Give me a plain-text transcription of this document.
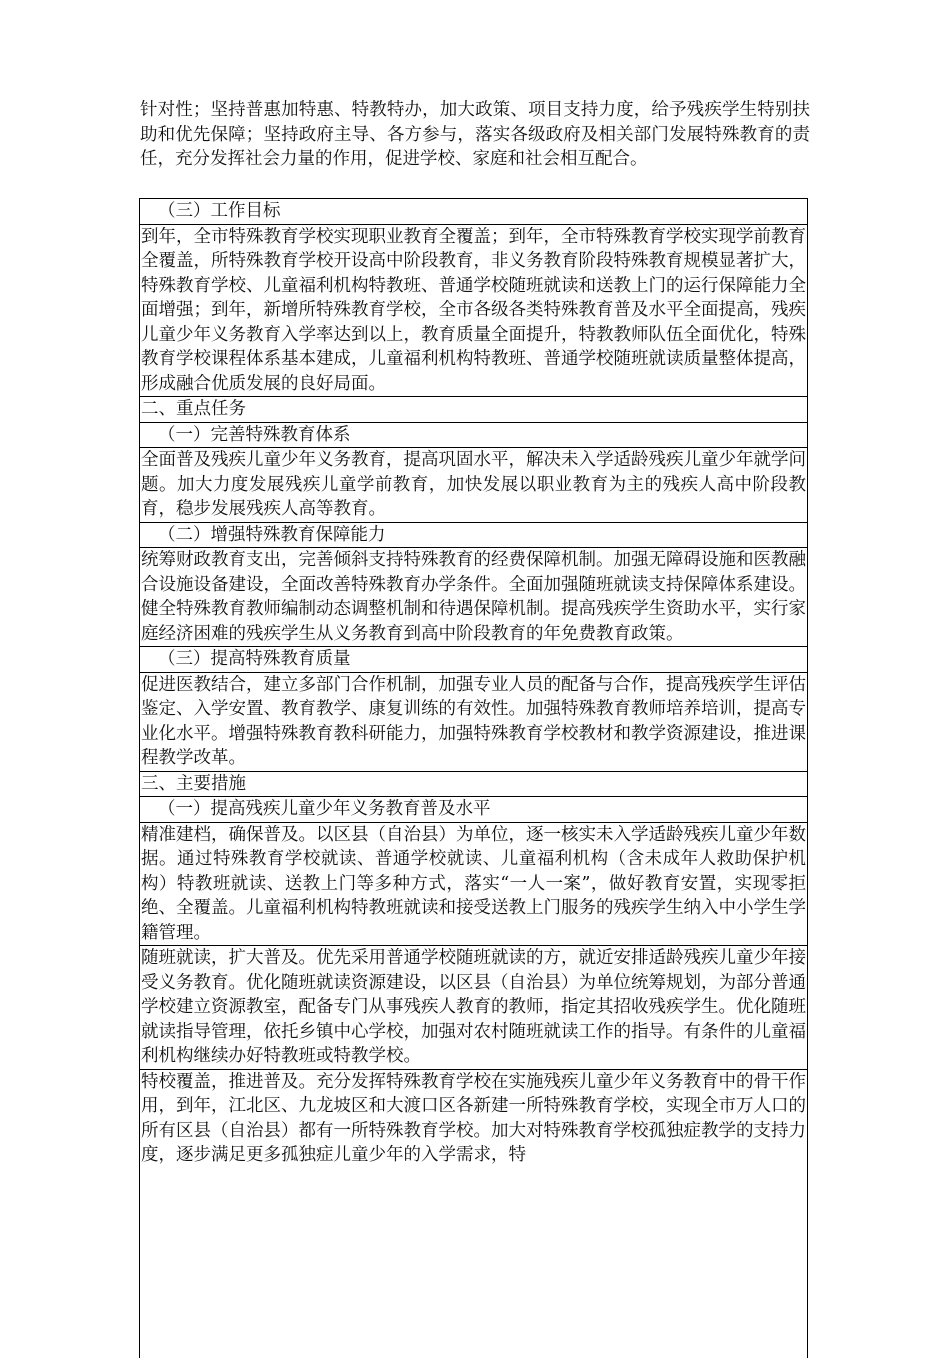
针对性；坚持普惠加特惠、特教特办，加大政策、项目支持力度，给予残疾学生特别扶助和优先保障；坚持政府主导、各方参与，落实各级政府及相关部门发展特殊教育的责任，充分发挥社会力量的作用，促进学校、家庭和社会相互配合。

（三）工作目标

到年，全市特殊教育学校实现职业教育全覆盖；到年，全市特殊教育学校实现学前教育全覆盖，所特殊教育学校开设高中阶段教育，非义务教育阶段特殊教育规模显著扩大，特殊教育学校、儿童福利机构特教班、普通学校随班就读和送教上门的运行保障能力全面增强；到年，新增所特殊教育学校，全市各级各类特殊教育普及水平全面提高，残疾儿童少年义务教育入学率达到以上，教育质量全面提升，特教教师队伍全面优化，特殊教育学校课程体系基本建成，儿童福利机构特教班、普通学校随班就读质量整体提高，形成融合优质发展的良好局面。

二、重点任务

（一）完善特殊教育体系

全面普及残疾儿童少年义务教育，提高巩固水平，解决未入学适龄残疾儿童少年就学问题。加大力度发展残疾儿童学前教育，加快发展以职业教育为主的残疾人高中阶段教育，稳步发展残疾人高等教育。

（二）增强特殊教育保障能力

统筹财政教育支出，完善倾斜支持特殊教育的经费保障机制。加强无障碍设施和医教融合设施设备建设，全面改善特殊教育办学条件。全面加强随班就读支持保障体系建设。健全特殊教育教师编制动态调整机制和待遇保障机制。提高残疾学生资助水平，实行家庭经济困难的残疾学生从义务教育到高中阶段教育的年免费教育政策。

（三）提高特殊教育质量

促进医教结合，建立多部门合作机制，加强专业人员的配备与合作，提高残疾学生评估鉴定、入学安置、教育教学、康复训练的有效性。加强特殊教育教师培养培训，提高专业化水平。增强特殊教育教科研能力，加强特殊教育学校教材和教学资源建设，推进课程教学改革。

三、主要措施

（一）提高残疾儿童少年义务教育普及水平

精准建档，确保普及。以区县（自治县）为单位，逐一核实未入学适龄残疾儿童少年数据。通过特殊教育学校就读、普通学校就读、儿童福利机构（含未成年人救助保护机构）特教班就读、送教上门等多种方式，落实“一人一案”，做好教育安置，实现零拒绝、全覆盖。儿童福利机构特教班就读和接受送教上门服务的残疾学生纳入中小学生学籍管理。

随班就读，扩大普及。优先采用普通学校随班就读的方，就近安排适龄残疾儿童少年接受义务教育。优化随班就读资源建设，以区县（自治县）为单位统筹规划，为部分普通学校建立资源教室，配备专门从事残疾人教育的教师，指定其招收残疾学生。优化随班就读指导管理，依托乡镇中心学校，加强对农村随班就读工作的指导。有条件的儿童福利机构继续办好特教班或特教学校。

特校覆盖，推进普及。充分发挥特殊教育学校在实施残疾儿童少年义务教育中的骨干作用，到年，江北区、九龙坡区和大渡口区各新建一所特殊教育学校，实现全市万人口的所有区县（自治县）都有一所特殊教育学校。加大对特殊教育学校孤独症教学的支持力度，逐步满足更多孤独症儿童少年的入学需求，特
